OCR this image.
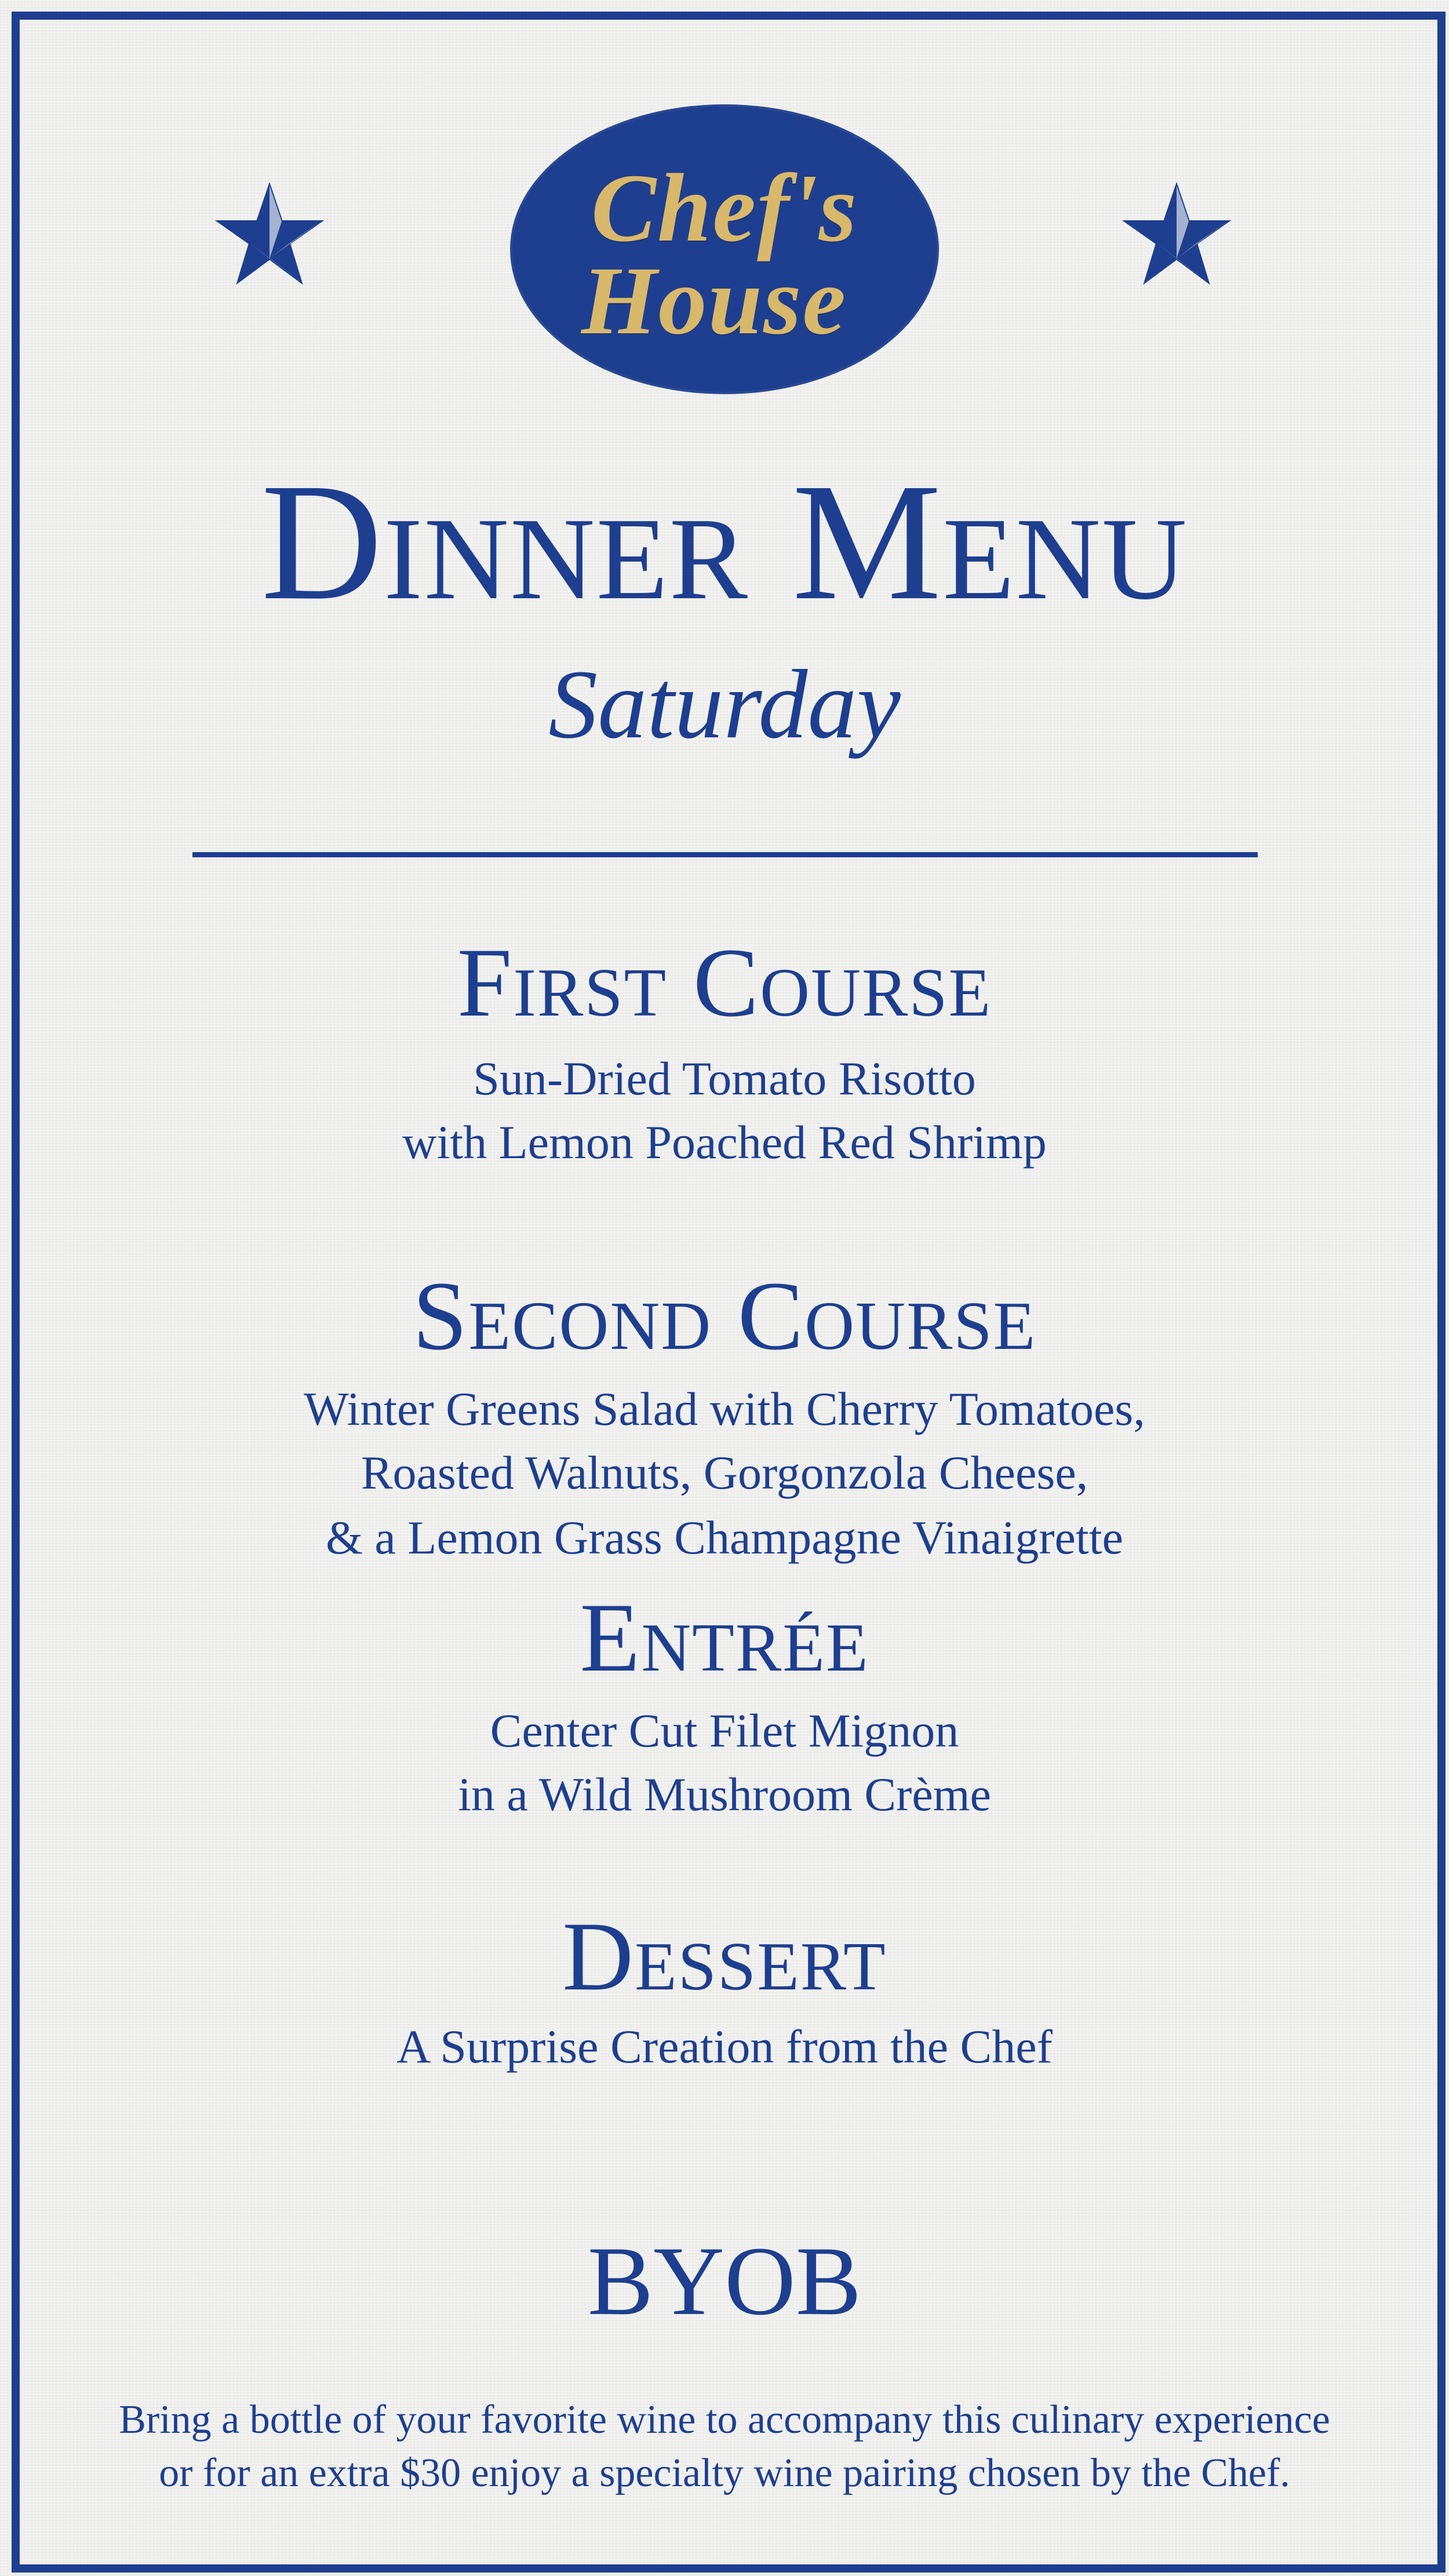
Chef's
House
Dinner Menu
Saturday
First Course
Sun-Dried Tomato Risotto
with Lemon Poached Red Shrimp
Second Course
Winter Greens Salad with Cherry Tomatoes,
Roasted Walnuts, Gorgonzola Cheese,
& a Lemon Grass Champagne Vinaigrette
Entrée
Center Cut Filet Mignon
in a Wild Mushroom Crème
Dessert
A Surprise Creation from the Chef
BYOB
Bring a bottle of your favorite wine to accompany this culinary experience
or for an extra $30 enjoy a specialty wine pairing chosen by the Chef.
